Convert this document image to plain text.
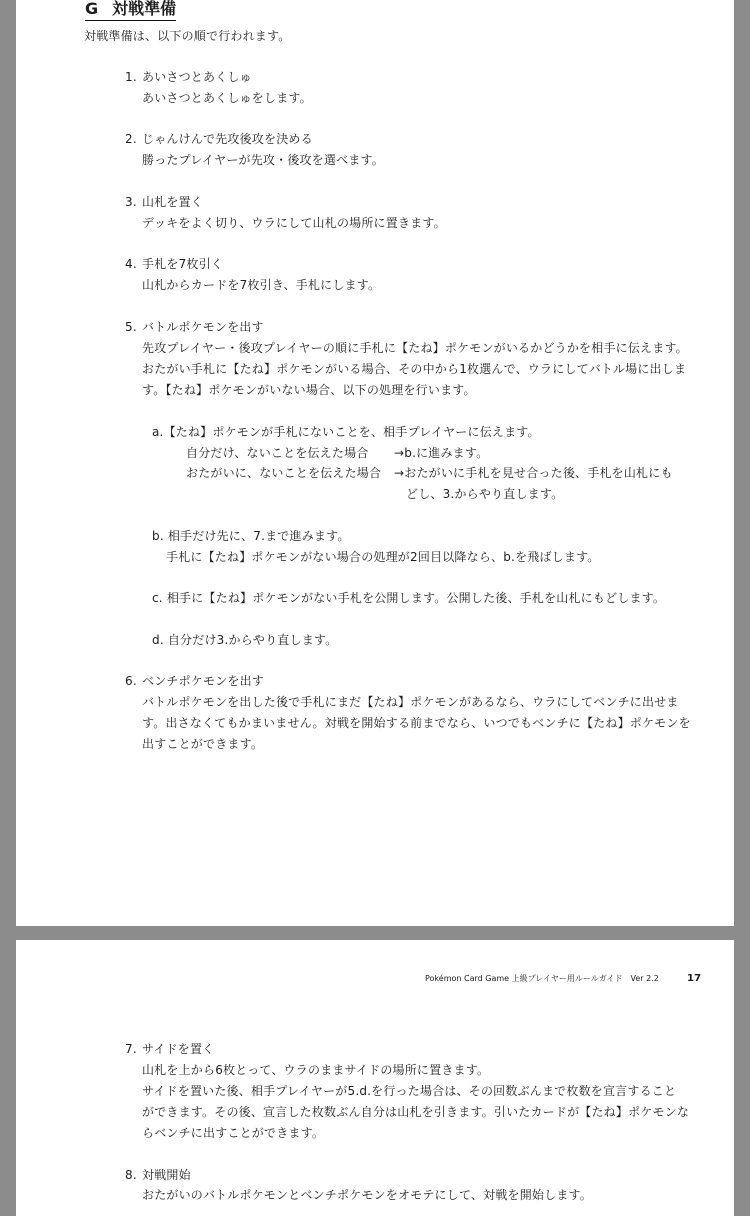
G 対戦準備
対戦準備は、以下の順で行われます。
1. あいさつとあくしゅ
あいさつとあくしゅをします。
2. じゃんけんで先攻後攻を決める
勝ったプレイヤーが先攻・後攻を選べます。
3. 山札を置く
デッキをよく切り、ウラにして山札の場所に置きます。
4. 手札を7枚引く
山札からカードを7枚引き、手札にします。
5. バトルポケモンを出す
先攻プレイヤー・後攻プレイヤーの順に手札に【たね】ポケモンがいるかどうかを相手に伝えます。
おたがい手札に【たね】ポケモンがいる場合、その中から1枚選んで、ウラにしてバトル場に出しま
す。【たね】ポケモンがいない場合、以下の処理を行います。
a.【たね】ポケモンが手札にないことを、相手プレイヤーに伝えます。
自分だけ、ないことを伝えた場合 →b.に進みます。
おたがいに、ないことを伝えた場合 →おたがいに手札を見せ合った後、手札を山札にも
どし、3.からやり直します。
b. 相手だけ先に、7.まで進みます。
手札に【たね】ポケモンがない場合の処理が2回目以降なら、b.を飛ばします。
c. 相手に【たね】ポケモンがない手札を公開します。公開した後、手札を山札にもどします。
d. 自分だけ3.からやり直します。
6. ベンチポケモンを出す
バトルポケモンを出した後で手札にまだ【たね】ポケモンがあるなら、ウラにしてベンチに出せま
す。出さなくてもかまいません。対戦を開始する前までなら、いつでもベンチに【たね】ポケモンを
出すことができます。
Pokémon Card Game 上級プレイヤー用ルールガイド　Ver 2.2	17
7. サイドを置く
山札を上から6枚とって、ウラのままサイドの場所に置きます。
サイドを置いた後、相手プレイヤーが5.d.を行った場合は、その回数ぶんまで枚数を宣言すること
ができます。その後、宣言した枚数ぶん自分は山札を引きます。引いたカードが【たね】ポケモンな
らベンチに出すことができます。
8. 対戦開始
おたがいのバトルポケモンとベンチポケモンをオモテにして、対戦を開始します。
